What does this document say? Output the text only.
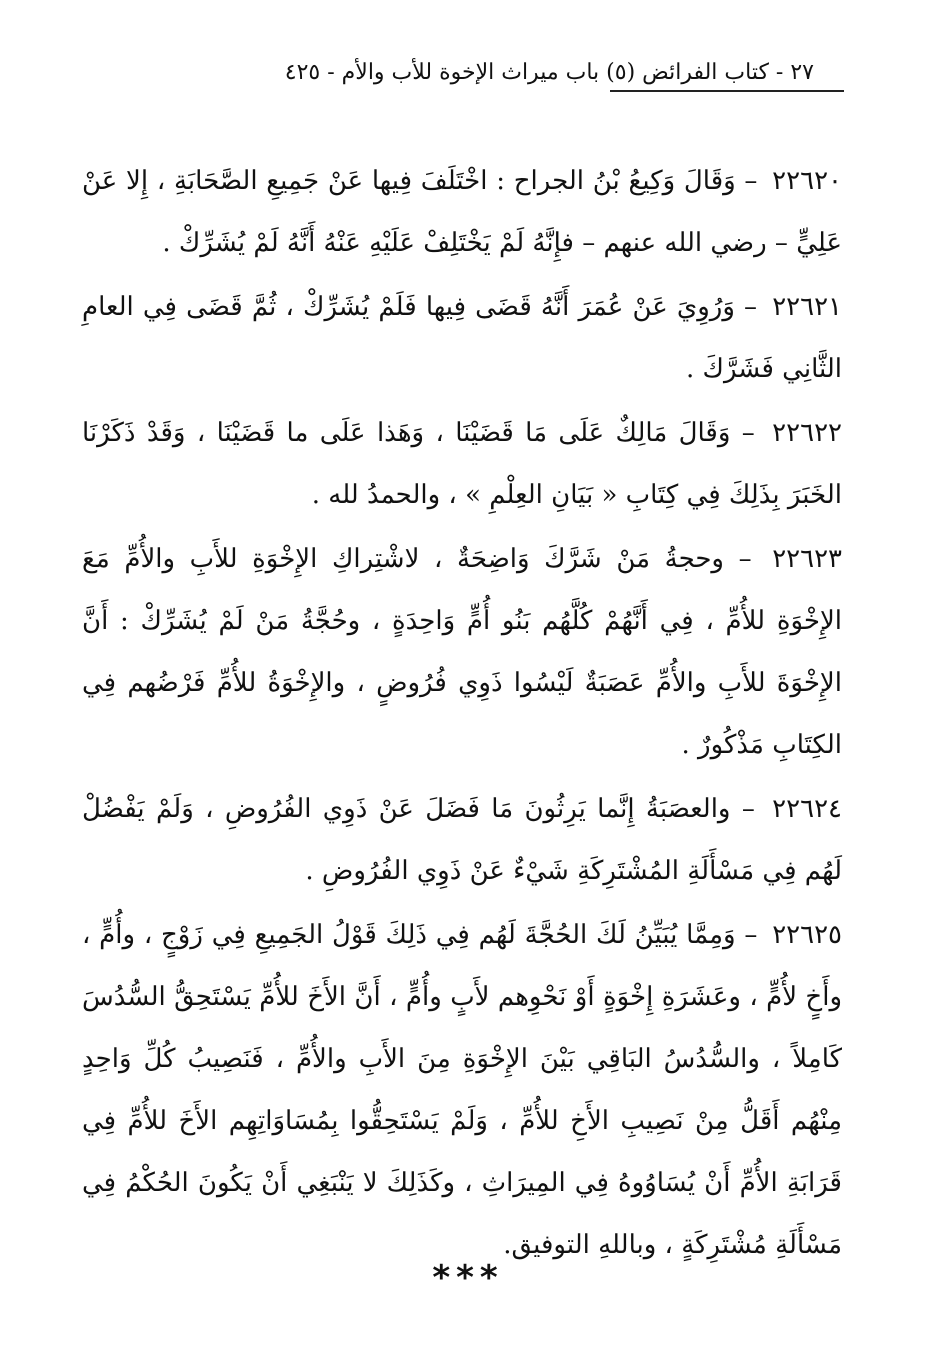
٢٧ - كتاب الفرائض (٥) باب ميراث الإخوة للأب والأم - ٤٢٥

٢٢٦٢٠ – وَقَالَ وَكِيعُ بْنُ الجراح : اخْتَلَفَ فِيها عَنْ جَمِيعِ الصَّحَابَةِ ، إِلا عَنْ عَلِيٍّ – رضي الله عنهم – فإِنَّهُ لَمْ يَخْتَلِفْ عَلَيْهِ عَنْهُ أَنَّهُ لَمْ يُشَرِّكْ .

٢٢٦٢١ – وَرُوِيَ عَنْ عُمَرَ أَنَّهُ قَضَى فِيها فَلَمْ يُشَرِّكْ ، ثُمَّ قَضَى فِي العامِ الثَّانِي فَشَرَّكَ .

٢٢٦٢٢ – وَقَالَ مَالِكٌ عَلَى مَا قَضَيْنَا ، وَهَذا عَلَى ما قَضَيْنَا ، وَقَدْ ذَكَرْنَا الخَبَرَ بِذَلِكَ فِي كِتَابِ « بَيَانِ العِلْمِ » ، والحمدُ لله .

٢٢٦٢٣ – وحجةُ مَنْ شَرَّكَ وَاضِحَةٌ ، لاشْتِراكِ الإِخْوَةِ للأَبِ والأُمِّ مَعَ الإِخْوَةِ للأُمِّ ، فِي أَنَّهُمْ كُلَّهُم بَنُو أُمٍّ وَاحِدَةٍ ، وحُجَّةُ مَنْ لَمْ يُشَرِّكْ : أَنَّ الإِخْوَةَ للأَبِ والأُمِّ عَصَبَةٌ لَيْسُوا ذَوِي فُرُوضٍ ، والإِخْوَةُ للأُمِّ فَرْضُهم فِي الكِتَابِ مَذْكُورٌ .

٢٢٦٢٤ – والعصَبَةُ إِنَّما يَرِثُونَ مَا فَضَلَ عَنْ ذَوِي الفُرُوضِ ، وَلَمْ يَفْضُلْ لَهُم فِي مَسْأَلَةِ المُشْتَرِكَةِ شَيْءٌ عَنْ ذَوِي الفُرُوضِ .

٢٢٦٢٥ – وَمِمَّا يُبَيِّنُ لَكَ الحُجَّةَ لَهُم فِي ذَلِكَ قَوْلُ الجَمِيعِ فِي زَوْجٍ ، وأُمٍّ ، وأَخٍ لأُمٍّ ، وعَشَرَةِ إِخْوَةٍ أَوْ نَحْوِهم لأَبٍ وأُمٍّ ، أَنَّ الأَخَ للأُمِّ يَسْتَحِقُّ السُّدُسَ كَامِلاً ، والسُّدُسُ البَاقِي بَيْنَ الإِخْوَةِ مِنَ الأَبِ والأُمِّ ، فَنَصِيبُ كُلِّ وَاحِدٍ مِنْهُم أَقَلُّ مِنْ نَصِيبِ الأَخِ للأُمِّ ، وَلَمْ يَسْتَحِقُّوا بِمُسَاوَاتِهِم الأَخَ للأُمِّ فِي قَرَابَةِ الأُمِّ أَنْ يُسَاوُوهُ فِي المِيرَاثِ ، وكَذَلِكَ لا يَنْبَغِي أَنْ يَكُونَ الحُكْمُ فِي مَسْأَلَةِ مُشْتَرِكَةٍ ، وباللهِ التوفيق.

***
